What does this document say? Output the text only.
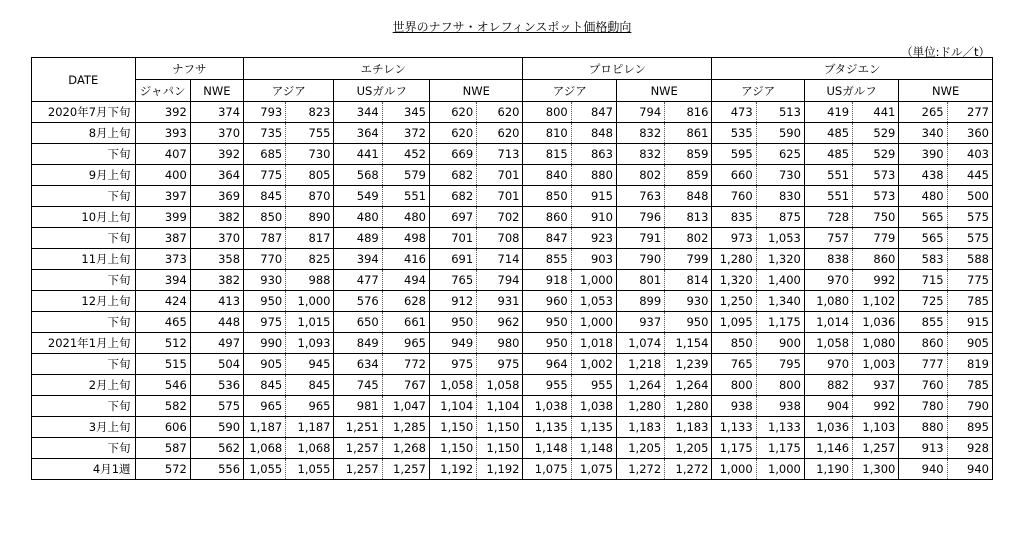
世界のナフサ・オレフィンスポット価格動向
（単位:ドル／t）
DATE	ナフサ		エチレン						プロピレン				ブタジエン					
	ジャパン	NWE	アジア		USガルフ		NWE		アジア		NWE		アジア		USガルフ		NWE	
2020年7月下旬	392	374	793	823	344	345	620	620	800	847	794	816	473	513	419	441	265	277
8月上旬	393	370	735	755	364	372	620	620	810	848	832	861	535	590	485	529	340	360
下旬	407	392	685	730	441	452	669	713	815	863	832	859	595	625	485	529	390	403
9月上旬	400	364	775	805	568	579	682	701	840	880	802	859	660	730	551	573	438	445
下旬	397	369	845	870	549	551	682	701	850	915	763	848	760	830	551	573	480	500
10月上旬	399	382	850	890	480	480	697	702	860	910	796	813	835	875	728	750	565	575
下旬	387	370	787	817	489	498	701	708	847	923	791	802	973	1,053	757	779	565	575
11月上旬	373	358	770	825	394	416	691	714	855	903	790	799	1,280	1,320	838	860	583	588
下旬	394	382	930	988	477	494	765	794	918	1,000	801	814	1,320	1,400	970	992	715	775
12月上旬	424	413	950	1,000	576	628	912	931	960	1,053	899	930	1,250	1,340	1,080	1,102	725	785
下旬	465	448	975	1,015	650	661	950	962	950	1,000	937	950	1,095	1,175	1,014	1,036	855	915
2021年1月上旬	512	497	990	1,093	849	965	949	980	950	1,018	1,074	1,154	850	900	1,058	1,080	860	905
下旬	515	504	905	945	634	772	975	975	964	1,002	1,218	1,239	765	795	970	1,003	777	819
2月上旬	546	536	845	845	745	767	1,058	1,058	955	955	1,264	1,264	800	800	882	937	760	785
下旬	582	575	965	965	981	1,047	1,104	1,104	1,038	1,038	1,280	1,280	938	938	904	992	780	790
3月上旬	606	590	1,187	1,187	1,251	1,285	1,150	1,150	1,135	1,135	1,183	1,183	1,133	1,133	1,036	1,103	880	895
下旬	587	562	1,068	1,068	1,257	1,268	1,150	1,150	1,148	1,148	1,205	1,205	1,175	1,175	1,146	1,257	913	928
4月1週	572	556	1,055	1,055	1,257	1,257	1,192	1,192	1,075	1,075	1,272	1,272	1,000	1,000	1,190	1,300	940	940
